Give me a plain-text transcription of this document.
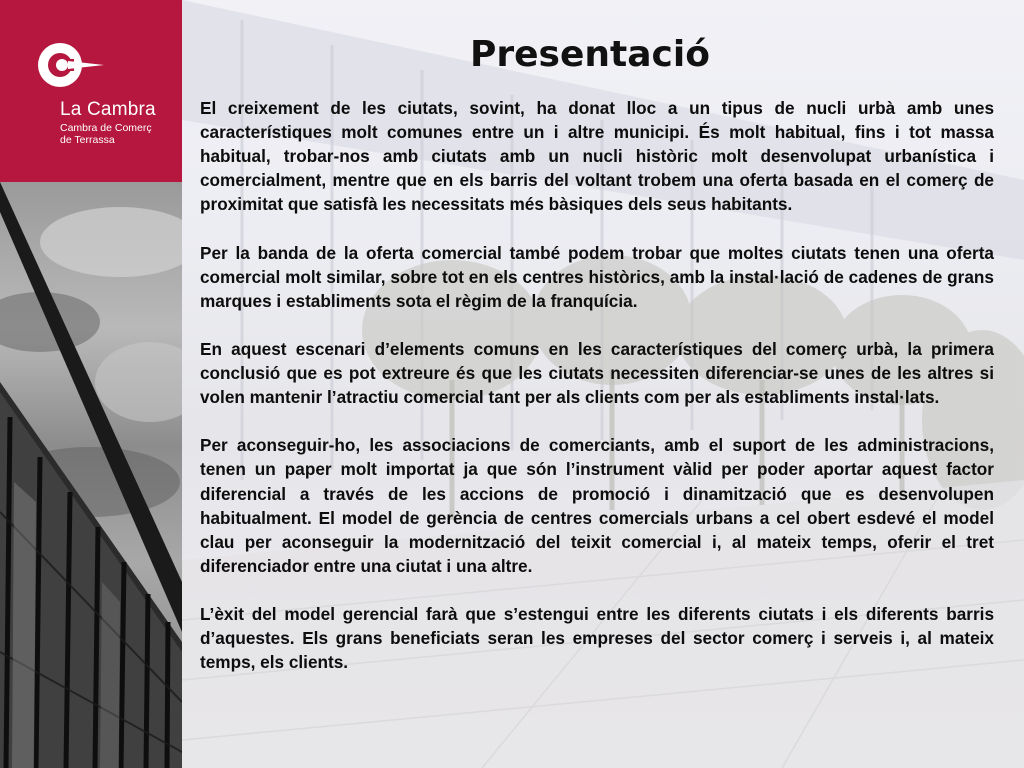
La Cambra
Cambra de Comerç
de Terrassa
Presentació

El creixement de les ciutats, sovint, ha donat lloc a un tipus de nucli urbà amb unes característiques molt comunes entre un i altre municipi. És molt habitual, fins i tot massa habitual, trobar-nos amb ciutats amb un nucli històric molt desenvolupat urbanística i comercialment, mentre que en els barris del voltant trobem una oferta basada en el comerç de proximitat que satisfà les necessitats més bàsiques dels seus habitants.

Per la banda de la oferta comercial també podem trobar que moltes ciutats tenen una oferta comercial molt similar, sobre tot en els centres històrics, amb la instal·lació de cadenes de grans marques i establiments sota el règim de la franquícia.

En aquest escenari d’elements comuns en les característiques del comerç urbà, la primera conclusió que es pot extreure és que les ciutats necessiten diferenciar-se unes de les altres si volen mantenir l’atractiu comercial tant per als clients com per als establiments instal·lats.

Per aconseguir-ho, les associacions de comerciants, amb el suport de les administracions, tenen un paper molt importat ja que són l’instrument vàlid per poder aportar aquest factor diferencial a través de les accions de promoció i dinamització que es desenvolupen habitualment. El model de gerència de centres comercials urbans a cel obert esdevé el model clau per aconseguir la modernització del teixit comercial i, al mateix temps, oferir el tret diferenciador entre una ciutat i una altre.

L’èxit del model gerencial farà que s’estengui entre les diferents ciutats i els diferents barris d’aquestes. Els grans beneficiats seran les empreses del sector comerç i serveis i, al mateix temps, els clients.
